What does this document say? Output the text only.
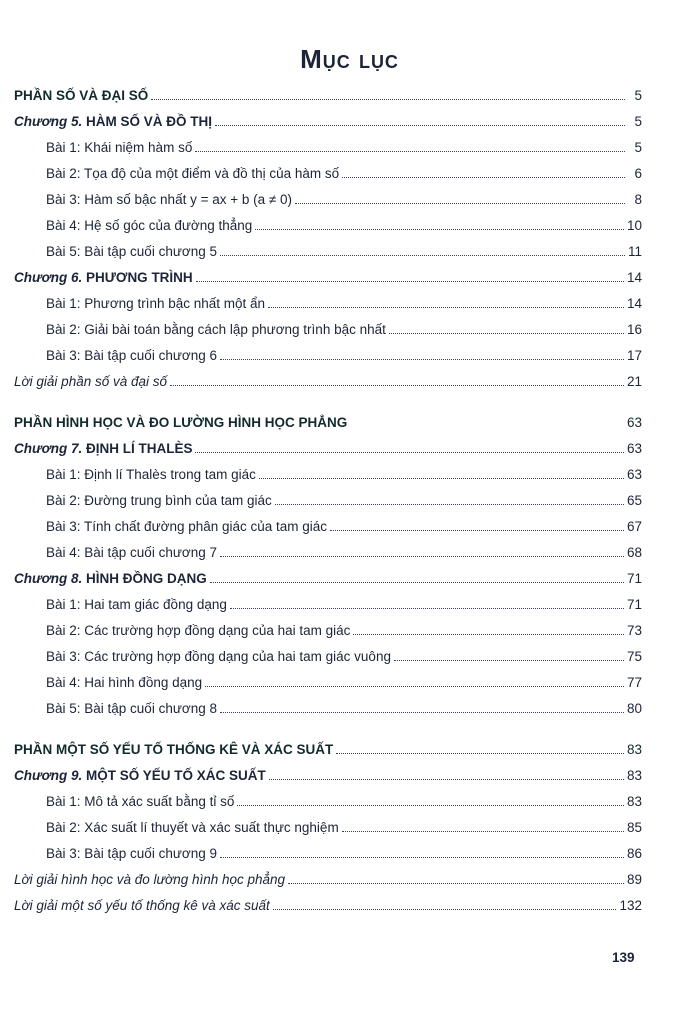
Mục lục
PHẦN SỐ VÀ ĐẠI SỐ	5
Chương 5. HÀM SỐ VÀ ĐỒ THỊ	5
Bài 1: Khái niệm hàm số	5
Bài 2: Tọa độ của một điểm và đồ thị của hàm số	6
Bài 3: Hàm số bậc nhất y = ax + b (a ≠ 0)	8
Bài 4: Hệ số góc của đường thẳng	10
Bài 5: Bài tập cuối chương 5	11
Chương 6. PHƯƠNG TRÌNH	14
Bài 1: Phương trình bậc nhất một ẩn	14
Bài 2: Giải bài toán bằng cách lập phương trình bậc nhất	16
Bài 3: Bài tập cuối chương 6	17
Lời giải phần số và đại số	21
PHẦN HÌNH HỌC VÀ ĐO LƯỜNG HÌNH HỌC PHẲNG	63
Chương 7. ĐỊNH LÍ THALÈS	63
Bài 1: Định lí Thalès trong tam giác	63
Bài 2: Đường trung bình của tam giác	65
Bài 3: Tính chất đường phân giác của tam giác	67
Bài 4: Bài tập cuối chương 7	68
Chương 8. HÌNH ĐỒNG DẠNG	71
Bài 1: Hai tam giác đồng dạng	71
Bài 2: Các trường hợp đồng dạng của hai tam giác	73
Bài 3: Các trường hợp đồng dạng của hai tam giác vuông	75
Bài 4: Hai hình đồng dạng	77
Bài 5: Bài tập cuối chương 8	80
PHẦN MỘT SỐ YẾU TỐ THỐNG KÊ VÀ XÁC SUẤT	83
Chương 9. MỘT SỐ YẾU TỐ XÁC SUẤT	83
Bài 1: Mô tả xác suất bằng tỉ số	83
Bài 2: Xác suất lí thuyết và xác suất thực nghiệm	85
Bài 3: Bài tập cuối chương 9	86
Lời giải hình học và đo lường hình học phẳng	89
Lời giải một số yếu tố thống kê và xác suất	132
139
